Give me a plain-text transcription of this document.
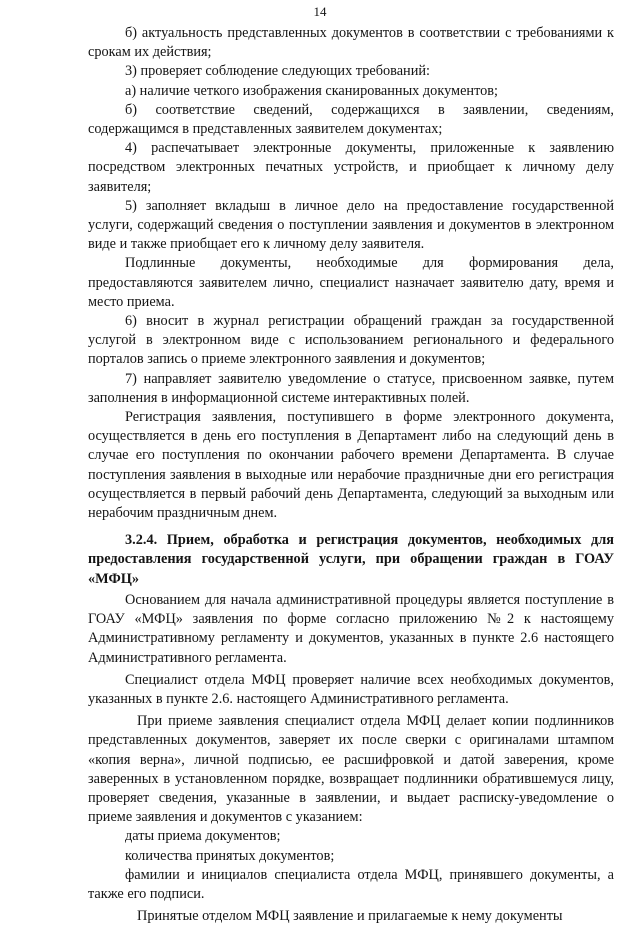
14

б) актуальность представленных документов в соответствии с требованиями к срокам их действия;

3) проверяет соблюдение следующих требований:

а) наличие четкого изображения сканированных документов;

б) соответствие сведений, содержащихся в заявлении, сведениям, содержащимся в представленных заявителем документах;

4) распечатывает электронные документы, приложенные к заявлению посредством электронных печатных устройств, и приобщает к личному делу заявителя;

5) заполняет вкладыш в личное дело на предоставление государственной услуги, содержащий сведения о поступлении заявления и документов в электронном виде и также приобщает его к личному делу заявителя.

Подлинные документы, необходимые для формирования дела, предоставляются заявителем лично, специалист назначает заявителю дату, время и место приема.

6) вносит в журнал регистрации обращений граждан за государственной услугой в электронном виде с использованием регионального и федерального порталов запись о приеме электронного заявления и документов;

7) направляет заявителю уведомление о статусе, присвоенном заявке, путем заполнения в информационной системе интерактивных полей.

Регистрация заявления, поступившего в форме электронного документа, осуществляется в день его поступления в Департамент либо на следующий день в случае его поступления по окончании рабочего времени Департамента. В случае поступления заявления в выходные или нерабочие праздничные дни его регистрация осуществляется в первый рабочий день Департамента, следующий за выходным или нерабочим праздничным днем.

3.2.4. Прием, обработка и регистрация документов, необходимых для предоставления государственной услуги, при обращении граждан в ГОАУ «МФЦ»

Основанием для начала административной процедуры является поступление в ГОАУ «МФЦ» заявления по форме согласно приложению №2 к настоящему Административному регламенту и документов, указанных в пункте 2.6 настоящего Административного регламента.

Специалист отдела МФЦ проверяет наличие всех необходимых документов, указанных в пункте 2.6. настоящего Административного регламента.

При приеме заявления специалист отдела МФЦ делает копии подлинников представленных документов, заверяет их после сверки с оригиналами штампом «копия верна», личной подписью, ее расшифровкой и датой заверения, кроме заверенных в установленном порядке, возвращает подлинники обратившемуся лицу, проверяет сведения, указанные в заявлении, и выдает расписку-уведомление о приеме заявления и документов с указанием:

даты приема документов;

количества принятых документов;

фамилии и инициалов специалиста отдела МФЦ, принявшего документы, а также его подписи.

Принятые отделом МФЦ заявление и прилагаемые к нему документы
